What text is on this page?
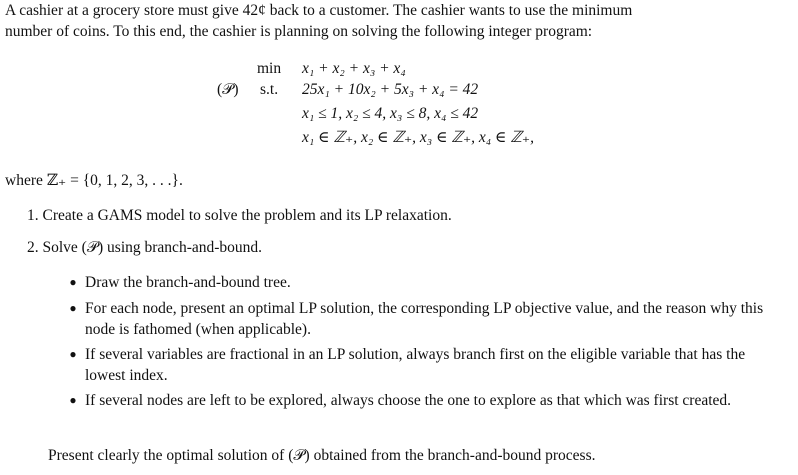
A cashier at a grocery store must give 42¢ back to a customer. The cashier wants to use the minimum

number of coins. To this end, the cashier is planning on solving the following integer program:

(𝒫)
min
s.t.
x₁ + x₂ + x₃ + x₄
25x₁ + 10x₂ + 5x₃ + x₄ = 42
x₁ ≤ 1, x₂ ≤ 4, x₃ ≤ 8, x₄ ≤ 42
x₁ ∈ ℤ₊, x₂ ∈ ℤ₊, x₃ ∈ ℤ₊, x₄ ∈ ℤ₊,
where ℤ₊ = {0, 1, 2, 3, . . .}.
1. Create a GAMS model to solve the problem and its LP relaxation.
2. Solve (𝒫) using branch-and-bound.
● Draw the branch-and-bound tree.
● For each node, present an optimal LP solution, the corresponding LP objective value, and the reason why this node is fathomed (when applicable).
● If several variables are fractional in an LP solution, always branch first on the eligible variable that has the lowest index.
● If several nodes are left to be explored, always choose the one to explore as that which was first created.
Present clearly the optimal solution of (𝒫) obtained from the branch-and-bound process.
